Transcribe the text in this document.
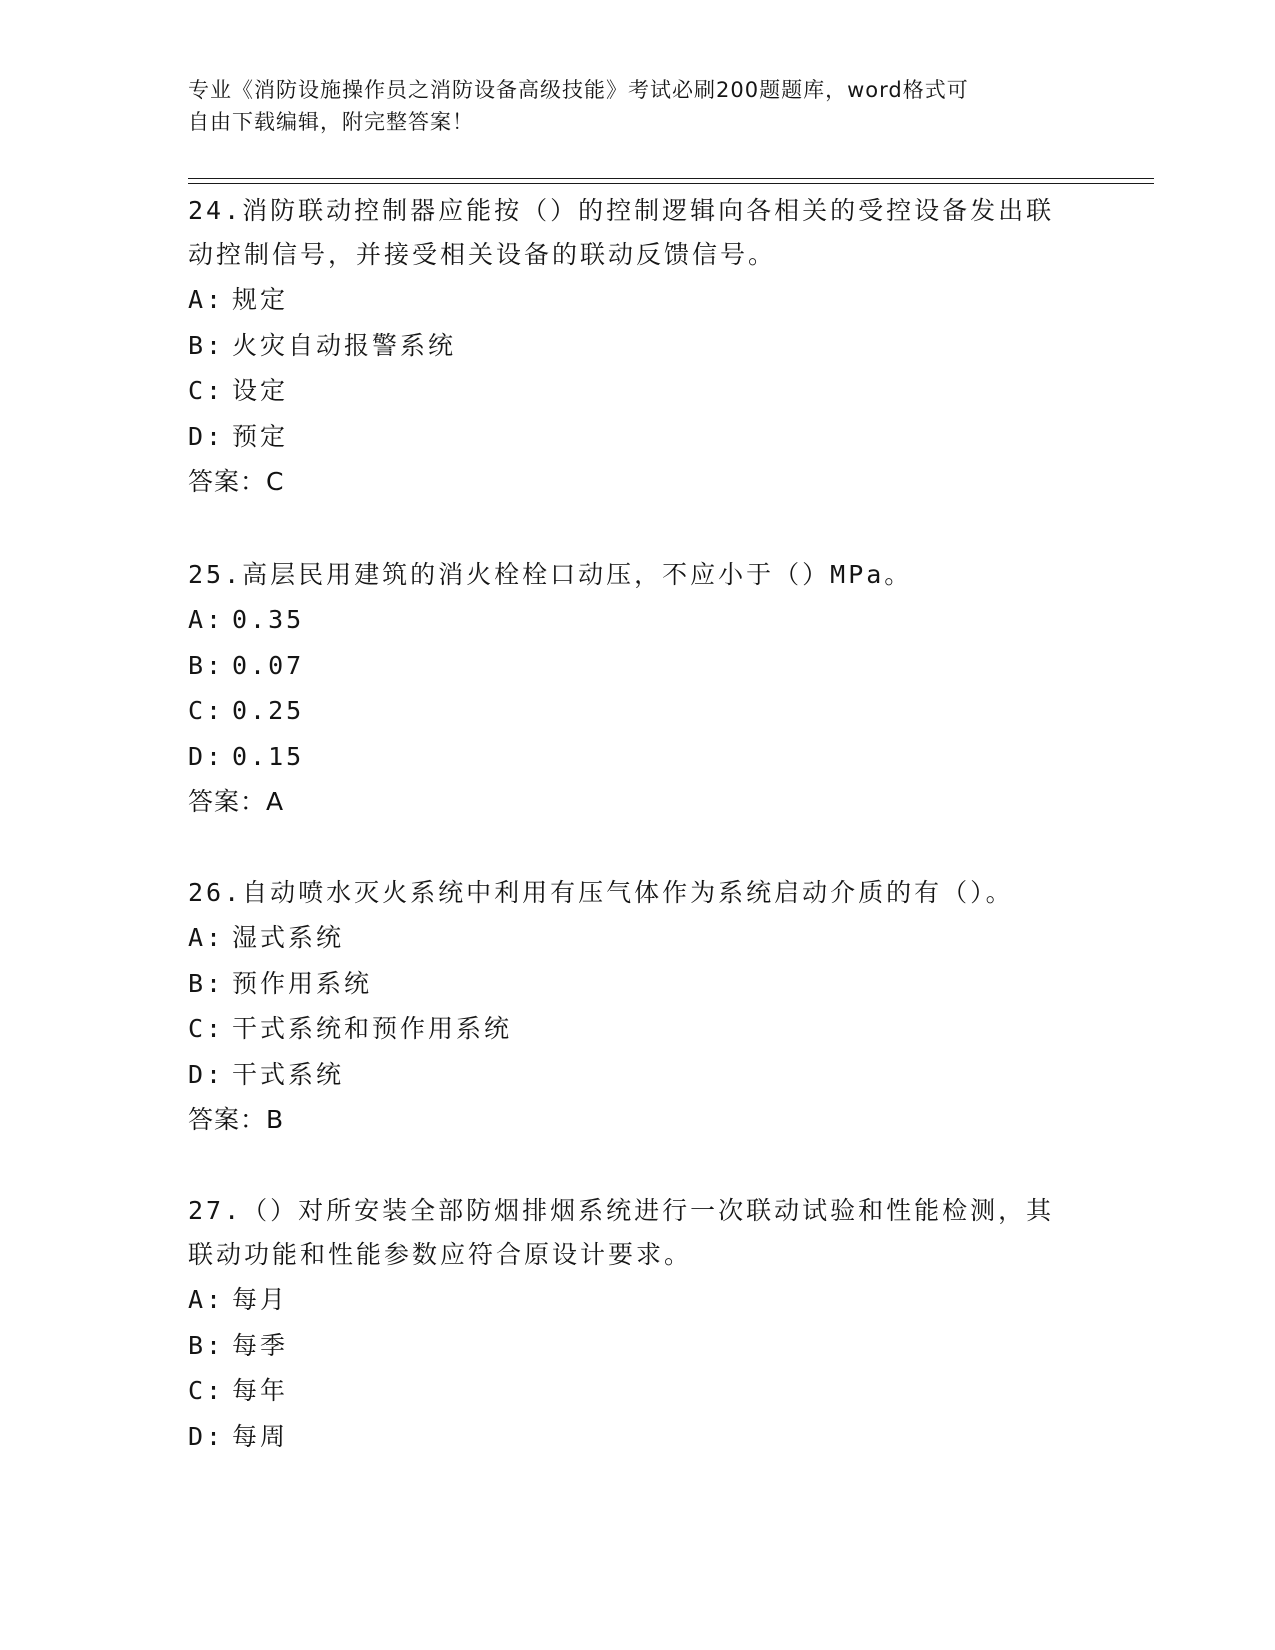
专业《消防设施操作员之消防设备高级技能》考试必刷200题题库，word格式可
自由下载编辑，附完整答案！
24.消防联动控制器应能按（）的控制逻辑向各相关的受控设备发出联
动控制信号，并接受相关设备的联动反馈信号。
A: 规定
B: 火灾自动报警系统
C: 设定
D: 预定
答案：C
25.高层民用建筑的消火栓栓口动压，不应小于（）MPa。
A: 0.35
B: 0.07
C: 0.25
D: 0.15
答案：A
26.自动喷水灭火系统中利用有压气体作为系统启动介质的有（）。
A: 湿式系统
B: 预作用系统
C: 干式系统和预作用系统
D: 干式系统
答案：B
27.（）对所安装全部防烟排烟系统进行一次联动试验和性能检测，其
联动功能和性能参数应符合原设计要求。
A: 每月
B: 每季
C: 每年
D: 每周
